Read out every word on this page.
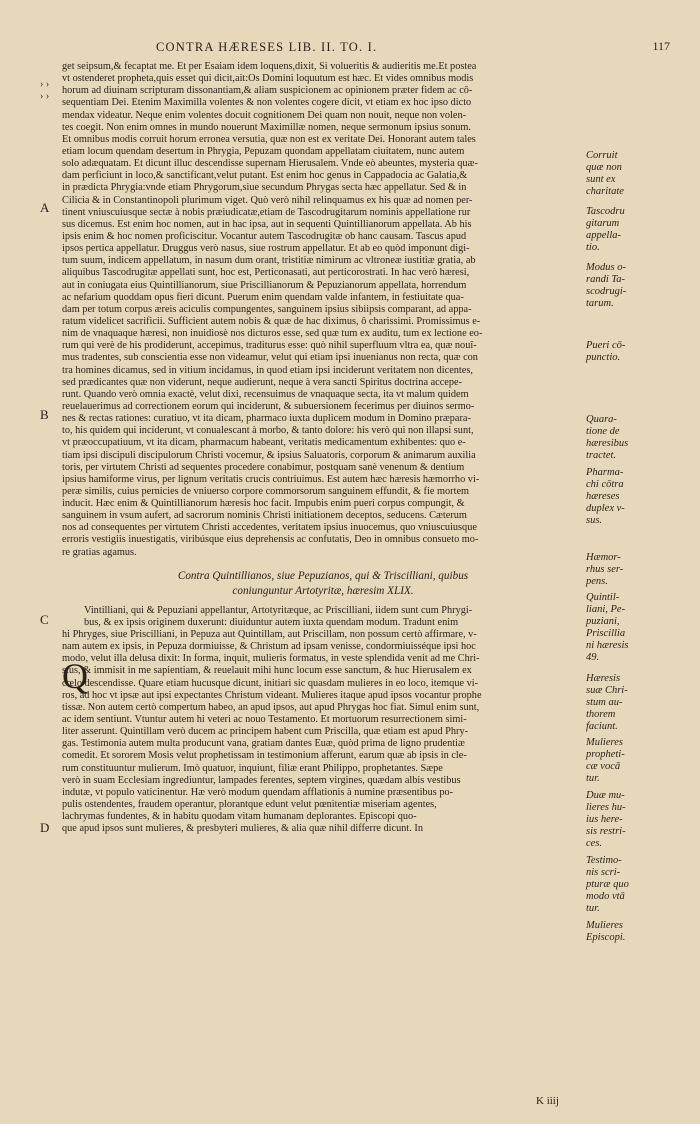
CONTRA HÆRESES LIB. II. TO. I.	117
› ›
› ›
A
B
C
D
get seipsum,& fecaptat me. Et per Esaiam idem loquens,dixit, Si volueritis & audieritis me.Et postea
vt ostenderet propheta,quis esset qui dicit,ait:Os Domini loquutum est hæc. Et vides omnibus modis
horum ad diuinam scripturam dissonantiam,& aliam suspicionem ac opinionem præter fidem ac cō-
sequentiam Dei. Etenim Maximilla volentes & non volentes cogere dicit, vt etiam ex hoc ipso dicto
mendax videatur. Neque enim volentes docuit cognitionem Dei quam non nouit, neque non volen-
tes coegit. Non enim omnes in mundo nouerunt Maximillæ nomen, neque sermonum ipsius sonum.
Et omnibus modis corruit horum erronea versutia, quæ non est ex veritate Dei. Honorant autem tales
etiam locum quendam desertum in Phrygia, Pepuzam quondam appellatam ciuitatem, nunc autem
solo adæquatam. Et dicunt illuc descendisse supernam Hierusalem. Vnde eò abeuntes, mysteria quæ-
dam perficiunt in loco,& sanctificant,velut putant. Est enim hoc genus in Cappadocia ac Galatia,&
in prædicta Phrygia:vnde etiam Phrygorum,siue secundum Phrygas secta hæc appellatur. Sed & in
Cilicia & in Constantinopoli plurimum viget. Quò verò nihil relinquamus ex his quæ ad nomen per-
tinent vniuscuiusque sectæ à nobis præiudicatæ,etiam de Tascodrugitarum nominis appellatione rur
sus dicemus. Est enim hoc nomen, aut in hac ipsa, aut in sequenti Quintillianorum appellata. Ab his
ipsis enim & hoc nomen proficiscitur. Vocantur autem Tascodrugitæ ob hanc causam. Tascus apud
ipsos pertica appellatur. Druggus verò nasus, siue rostrum appellatur. Et ab eo quòd imponunt digi-
tum suum, indicem appellatum, in nasum dum orant, tristitiæ nimirum ac vltroneæ iustitiæ gratia, ab
aliquibus Tascodrugitæ appellati sunt, hoc est, Perticonasati, aut perticorostrati. In hac verò hæresi,
aut in coniugata eius Quintillianorum, siue Priscillianorum & Pepuzianorum appellata, horrendum
ac nefarium quoddam opus fieri dicunt. Puerum enim quendam valde infantem, in festiuitate qua-
dam per totum corpus æreis aciculis compungentes, sanguinem ipsius sibiipsis comparant, ad appa-
ratum videlicet sacrificii. Sufficient autem nobis & quæ de hac diximus, ô charissimi. Promissimus e-
nim de vnaquaque hæresi, non inuidiosè nos dicturos esse, sed quæ tum ex auditu, tum ex lectione eo-
rum qui verè de his prodiderunt, accepimus, traditurus esse: quò nihil superfluum vltra ea, quæ nouî-
mus tradentes, sub conscientia esse non videamur, velut qui etiam ipsi inuenianus non recta, quæ con
tra homines dicamus, sed in vitium incidamus, in quod etiam ipsi inciderunt veritatem non dicentes,
sed prædicantes quæ non viderunt, neque audierunt, neque à vera sancti Spiritus doctrina accepe-
runt. Quando verò omnia exactè, velut dixi, recensuimus de vnaquaque secta, ita vt malum quidem
reuelauerimus ad correctionem eorum qui inciderunt, & subuersionem fecerimus per diuinos sermo-
nes & rectas rationes: curatiuo, vt ita dicam, pharmaco iuxta duplicem modum in Domino præpara-
to, his quidem qui inciderunt, vt conualescant à morbo, & tanto dolore: his verò qui non illapsi sunt,
vt præoccupatiuum, vt ita dicam, pharmacum habeant, veritatis medicamentum exhibentes: quo e-
tiam ipsi discipuli discipulorum Christi vocemur, & ipsius Saluatoris, corporum & animarum auxilia
toris, per virtutem Christi ad sequentes procedere conabimur, postquam sanè venenum & dentium
ipsius hamiforme virus, per lignum veritatis crucis contriuimus. Est autem hæc hæresis hæmorrho vi-
peræ similis, cuius pernicies de vniuerso corpore commorsorum sanguinem effundit, & fie mortem
inducit. Hæc enim & Quintillianorum hæresis hoc facit. Impubis enim pueri corpus compungit, &
sanguinem in vsum aufert, ad sacrorum nominis Christi initiationem deceptos, seducens. Cæterum
nos ad consequentes per virtutem Christi accedentes, veritatem ipsius inuocemus, quo vniuscuiusque
erroris vestigiis inuestigatis, viribúsque eius deprehensis ac confutatis, Deo in omnibus consueto mo-
re gratias agamus.
Contra Quintillianos, siue Pepuzianos, qui & Triscilliani, quibus
coniunguntur Artotyritæ, hæresim XLIX.
Vintilliani, qui & Pepuziani appellantur, Artotyritæque, ac Priscilliani, iidem sunt cum Phrygi-
bus, & ex ipsis originem duxerunt: diuiduntur autem iuxta quendam modum. Tradunt enim
hi Phryges, siue Priscilliani, in Pepuza aut Quintillam, aut Priscillam, non possum certò affirmare, v-
nam autem ex ipsis, in Pepuza dormiuisse, & Christum ad ipsam venisse, condormiuisséque ipsi hoc
modo, velut illa delusa dixit: In forma, inquit, mulieris formatus, in veste splendida venit ad me Chri-
stus, & immisit in me sapientiam, & reuelauit mihi hunc locum esse sanctum, & huc Hierusalem ex
cœlo descendisse. Quare etiam hucusque dicunt, initiari sic quasdam mulieres in eo loco, itemque vi-
ros, ad hoc vt ipsæ aut ipsi expectantes Christum videant. Mulieres itaque apud ipsos vocantur prophe
tissæ. Non autem certò compertum habeo, an apud ipsos, aut apud Phrygas hoc fiat. Simul enim sunt,
ac idem sentiunt. Vtuntur autem hi veteri ac nouo Testamento. Et mortuorum resurrectionem simi-
liter asserunt. Quintillam verò ducem ac principem habent cum Priscilla, quæ etiam est apud Phry-
gas. Testimonia autem multa producunt vana, gratiam dantes Euæ, quòd prima de ligno prudentiæ
comedit. Et sororem Mosis velut prophetissam in testimonium afferunt, earum quæ ab ipsis in cle-
rum constituuntur mulierum. Imò quatuor, inquiunt, filiæ erant Philippo, prophetantes. Sæpe
verò in suam Ecclesiam ingrediuntur, lampades ferentes, septem virgines, quædam albis vestibus
indutæ, vt populo vaticinentur. Hæ verò modum quendam afflationis à numine præsentibus po-
pulis ostendentes, fraudem operantur, plorantque edunt velut pœnitentiæ miseriam agentes,
lachrymas fundentes, & in habitu quodam vitam humanam deplorantes. Episcopi quo-
que apud ipsos sunt mulieres, & presbyteri mulieres, & alia quæ nihil differre dicunt. In
Q
Corruit
quæ non
sunt ex
charitate
Tascodru
gitarum
appella-
tio.
Modus o-
randi Ta-
scodrugi-
tarum.
Pueri cō-
punctio.
Quara-
tione de
hæresibus
tractet.
Pharma-
chi cōtra
hæreses
duplex v-
sus.
Hæmor-
rhus ser-
pens.
Quintil-
liani, Pe-
puziani,
Priscillia
ni hæresis
49.
Hæresis
suæ Chri-
stum au-
thorem
faciunt.
Mulieres
propheti-
cæ vocā
tur.
Duæ mu-
lieres hu-
ius here-
sis restri-
ces.
Testimo-
nis scri-
pturæ quo
modo vtā
tur.
Mulieres
Episcopi.
K iiij
